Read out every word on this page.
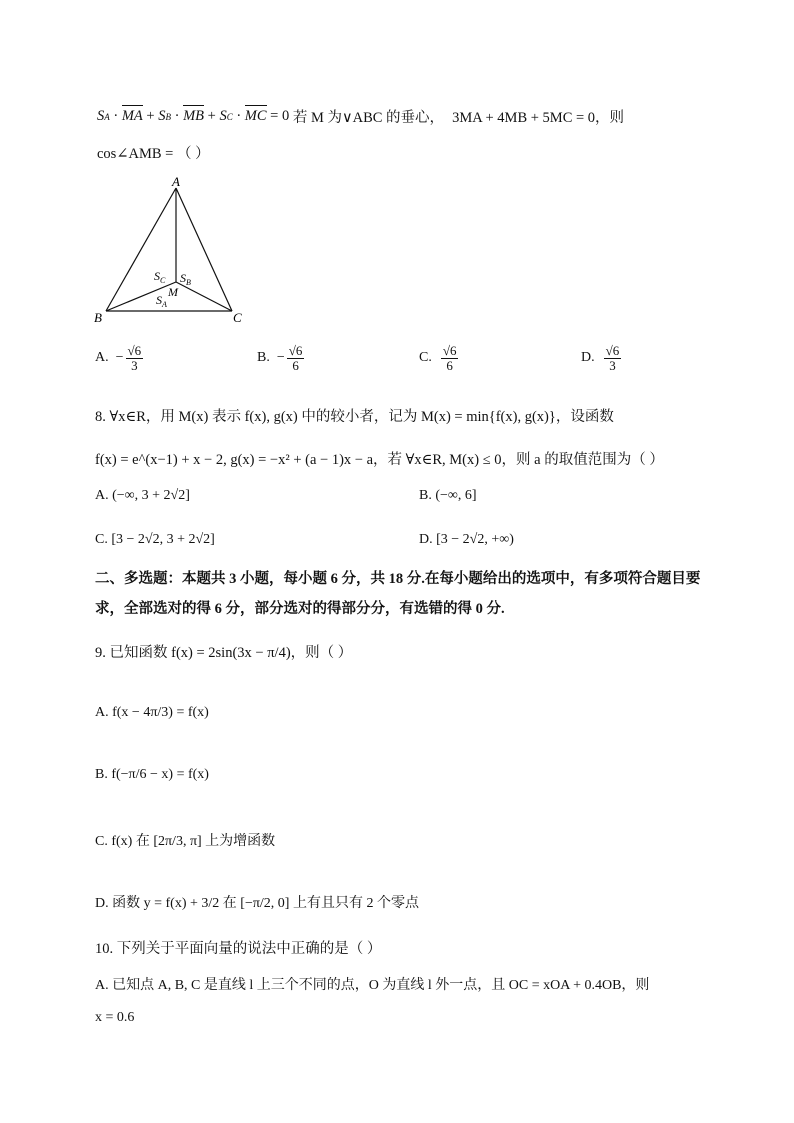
S A · MA + S B · MB + S C · MC = 0 若 M 为∨ABC 的垂心， 3MA + 4MB + 5MC = 0，则
cos∠AMB = （ ）
A
B	C
M
$S_C$ $S_B$
$S_A$
A.
− $\frac{√6}{3}$	B.
− $\frac{√6}{6}$	C.
$\frac{√6}{6}$	D.
$\frac{√6}{3}$
8. ∀x∈R，用 M(x) 表示 f(x), g(x) 中的较小者，记为 M(x) = min{f(x), g(x)}，设函数
f(x) = e^(x−1) + x − 2, g(x) = −x² + (a − 1)x − a，若 ∀x∈R, M(x) ≤ 0，则 a 的取值范围为（ ）
A. (−∞, 3 + 2√2]	B. (−∞, 6]
C. [3 − 2√2, 3 + 2√2]	D. [3 − 2√2, +∞)
二、多选题：本题共 3 小题，每小题 6 分，共 18 分.在每小题给出的选项中，有多项符合题目要
求，全部选对的得 6 分，部分选对的得部分分，有选错的得 0 分.
9. 已知函数 f(x) = 2sin(3x − π/4)，则（ ）
A. f(x − 4π/3) = f(x)
B. f(−π/6 − x) = f(x)
C. f(x) 在 [2π/3, π] 上为增函数
D. 函数 y = f(x) + 3/2 在 [−π/2, 0] 上有且只有 2 个零点
10. 下列关于平面向量的说法中正确的是（ ）
A. 已知点 A, B, C 是直线 l 上三个不同的点，O 为直线 l 外一点，且 OC = xOA + 0.4OB，则
x = 0.6
